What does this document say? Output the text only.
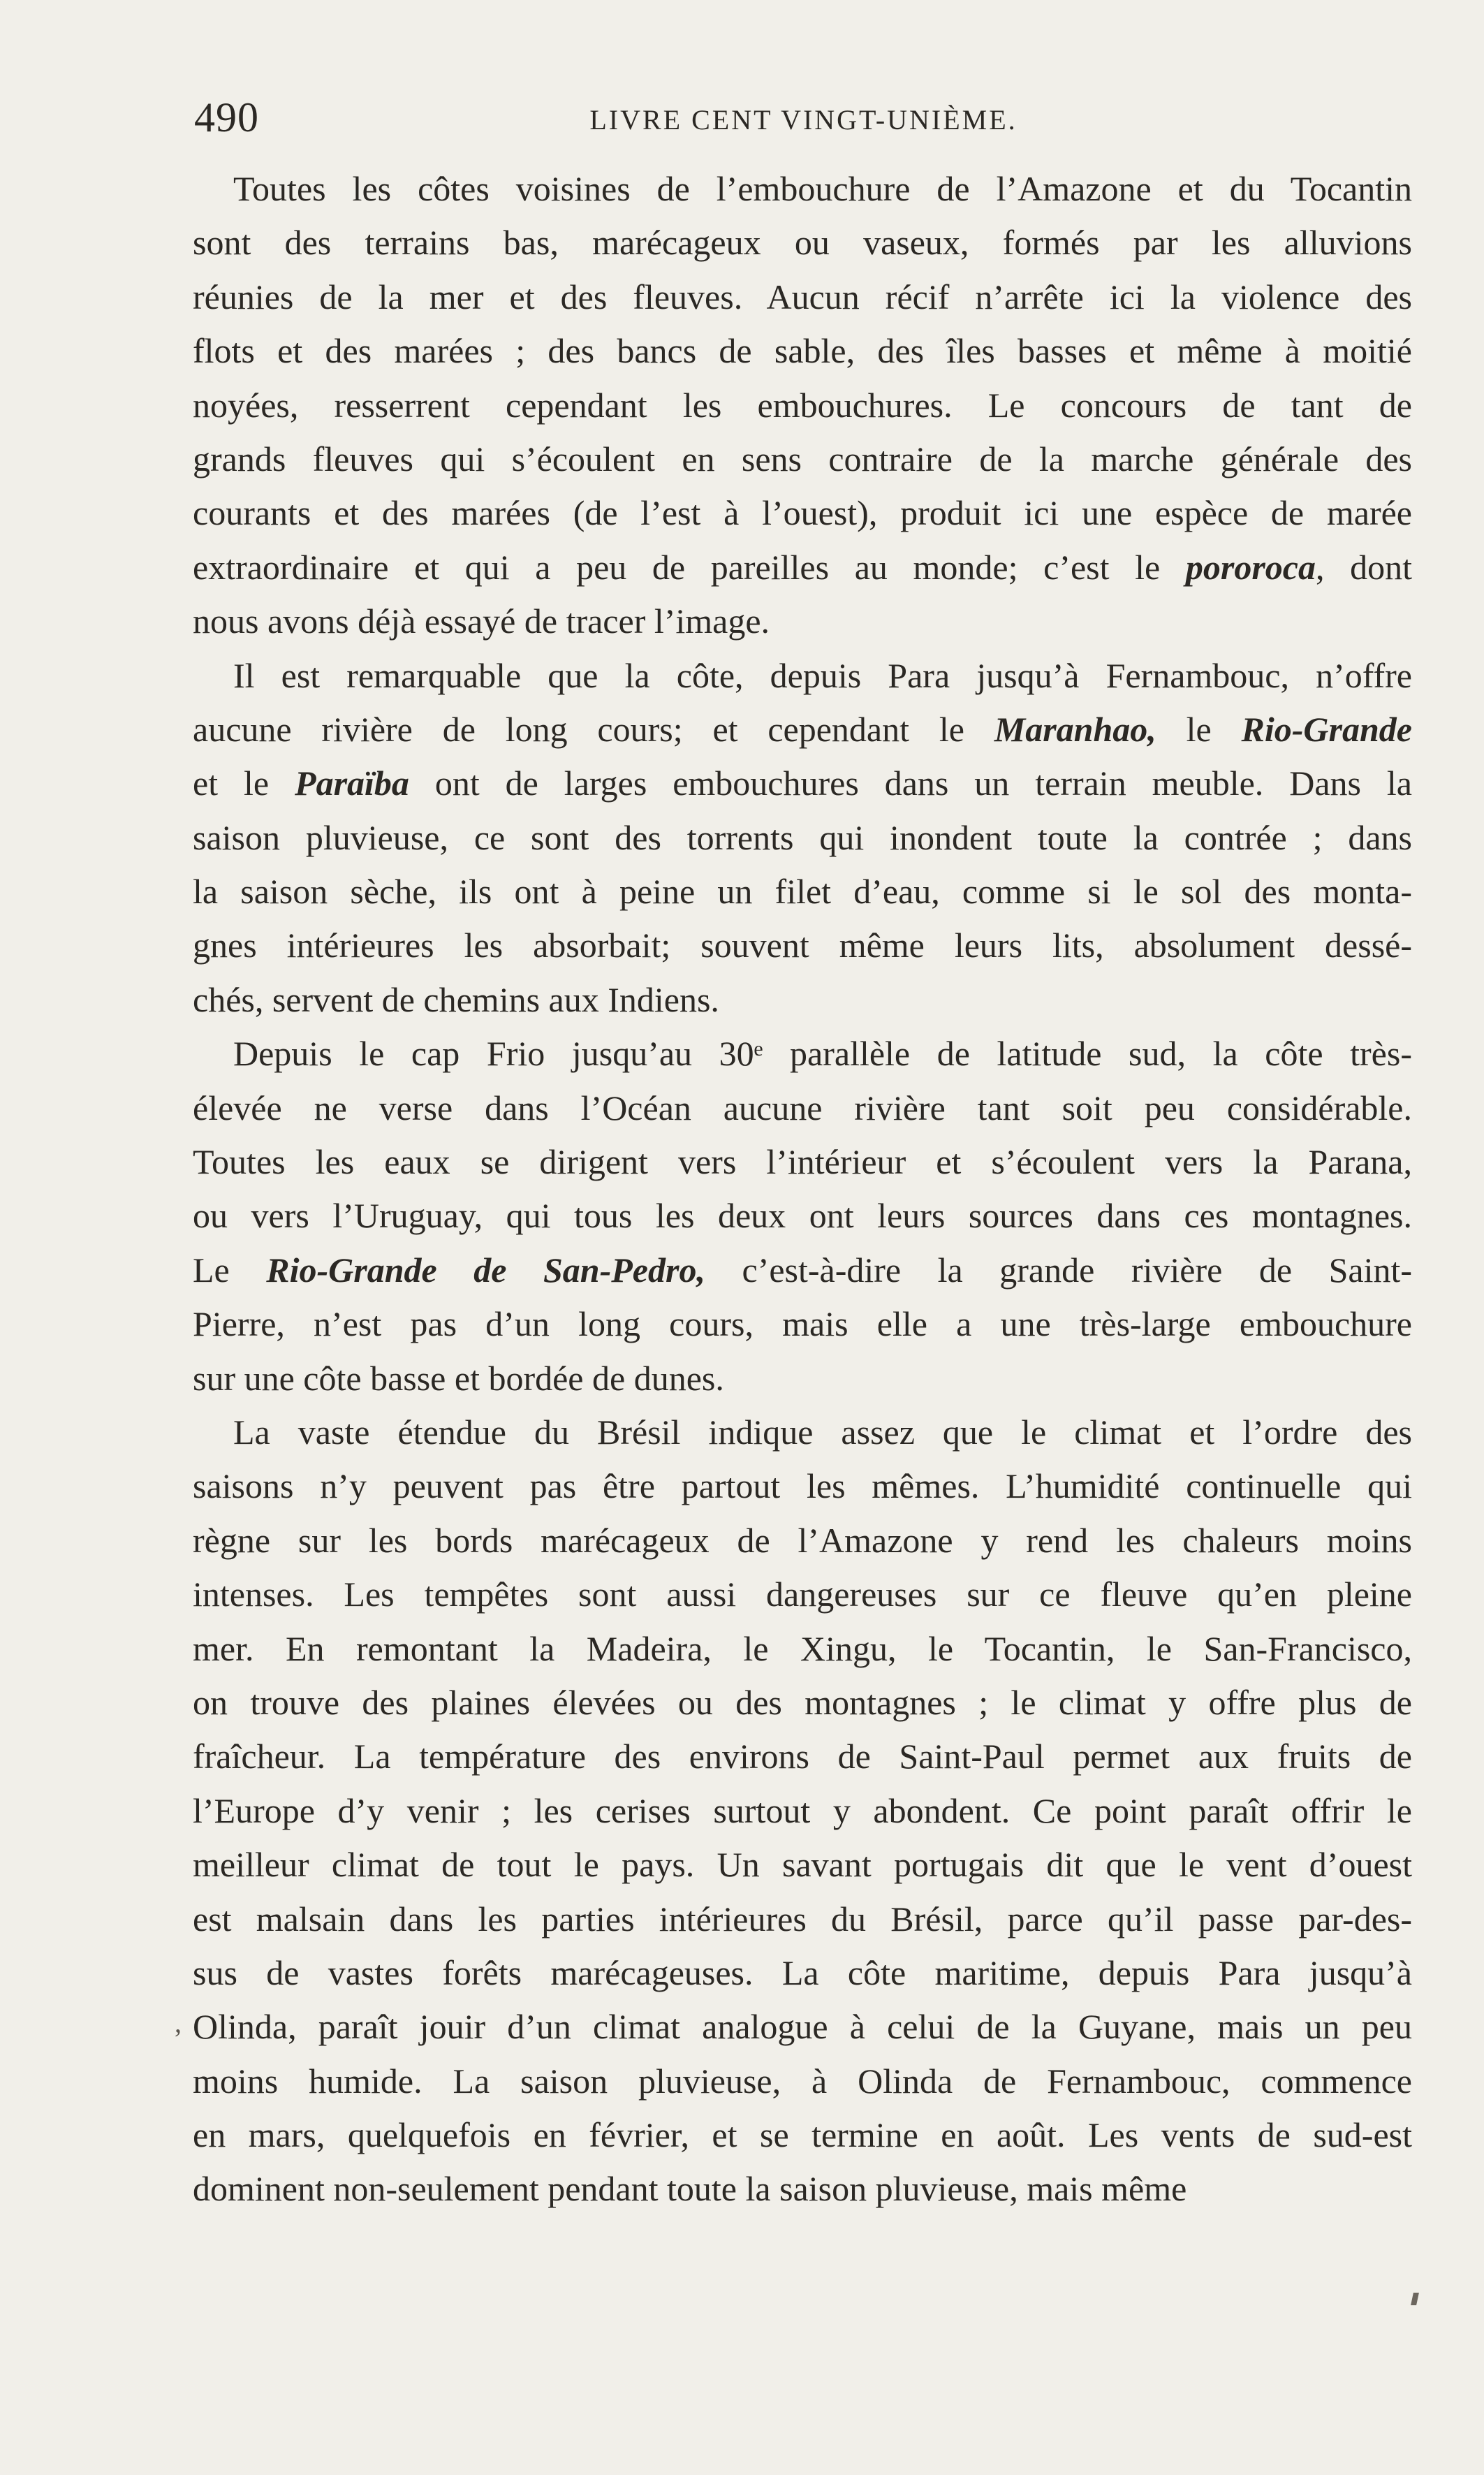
490	LIVRE CENT VINGT-UNIÈME.
Toutes les côtes voisines de l’embouchure de l’Amazone et du Tocantin
sont des terrains bas, marécageux ou vaseux, formés par les alluvions
réunies de la mer et des fleuves. Aucun récif n’arrête ici la violence des
flots et des marées ; des bancs de sable, des îles basses et même à moitié
noyées, resserrent cependant les embouchures. Le concours de tant de
grands fleuves qui s’écoulent en sens contraire de la marche générale des
courants et des marées (de l’est à l’ouest), produit ici une espèce de marée
extraordinaire et qui a peu de pareilles au monde; c’est le pororoca, dont
nous avons déjà essayé de tracer l’image.
Il est remarquable que la côte, depuis Para jusqu’à Fernambouc, n’offre
aucune rivière de long cours; et cependant le Maranhao, le Rio-Grande
et le Paraïba ont de larges embouchures dans un terrain meuble. Dans la
saison pluvieuse, ce sont des torrents qui inondent toute la contrée ; dans
la saison sèche, ils ont à peine un filet d’eau, comme si le sol des monta-
gnes intérieures les absorbait; souvent même leurs lits, absolument dessé-
chés, servent de chemins aux Indiens.
Depuis le cap Frio jusqu’au 30ᵉ parallèle de latitude sud, la côte très-
élevée ne verse dans l’Océan aucune rivière tant soit peu considérable.
Toutes les eaux se dirigent vers l’intérieur et s’écoulent vers la Parana,
ou vers l’Uruguay, qui tous les deux ont leurs sources dans ces montagnes.
Le Rio-Grande de San-Pedro, c’est-à-dire la grande rivière de Saint-
Pierre, n’est pas d’un long cours, mais elle a une très-large embouchure
sur une côte basse et bordée de dunes.
La vaste étendue du Brésil indique assez que le climat et l’ordre des
saisons n’y peuvent pas être partout les mêmes. L’humidité continuelle qui
règne sur les bords marécageux de l’Amazone y rend les chaleurs moins
intenses. Les tempêtes sont aussi dangereuses sur ce fleuve qu’en pleine
mer. En remontant la Madeira, le Xingu, le Tocantin, le San-Francisco,
on trouve des plaines élevées ou des montagnes ; le climat y offre plus de
fraîcheur. La température des environs de Saint-Paul permet aux fruits de
l’Europe d’y venir ; les cerises surtout y abondent. Ce point paraît offrir le
meilleur climat de tout le pays. Un savant portugais dit que le vent d’ouest
est malsain dans les parties intérieures du Brésil, parce qu’il passe par-des-
sus de vastes forêts marécageuses. La côte maritime, depuis Para jusqu’à
Olinda, paraît jouir d’un climat analogue à celui de la Guyane, mais un peu
moins humide. La saison pluvieuse, à Olinda de Fernambouc, commence
en mars, quelquefois en février, et se termine en août. Les vents de sud-est
dominent non-seulement pendant toute la saison pluvieuse, mais même
ʼ
